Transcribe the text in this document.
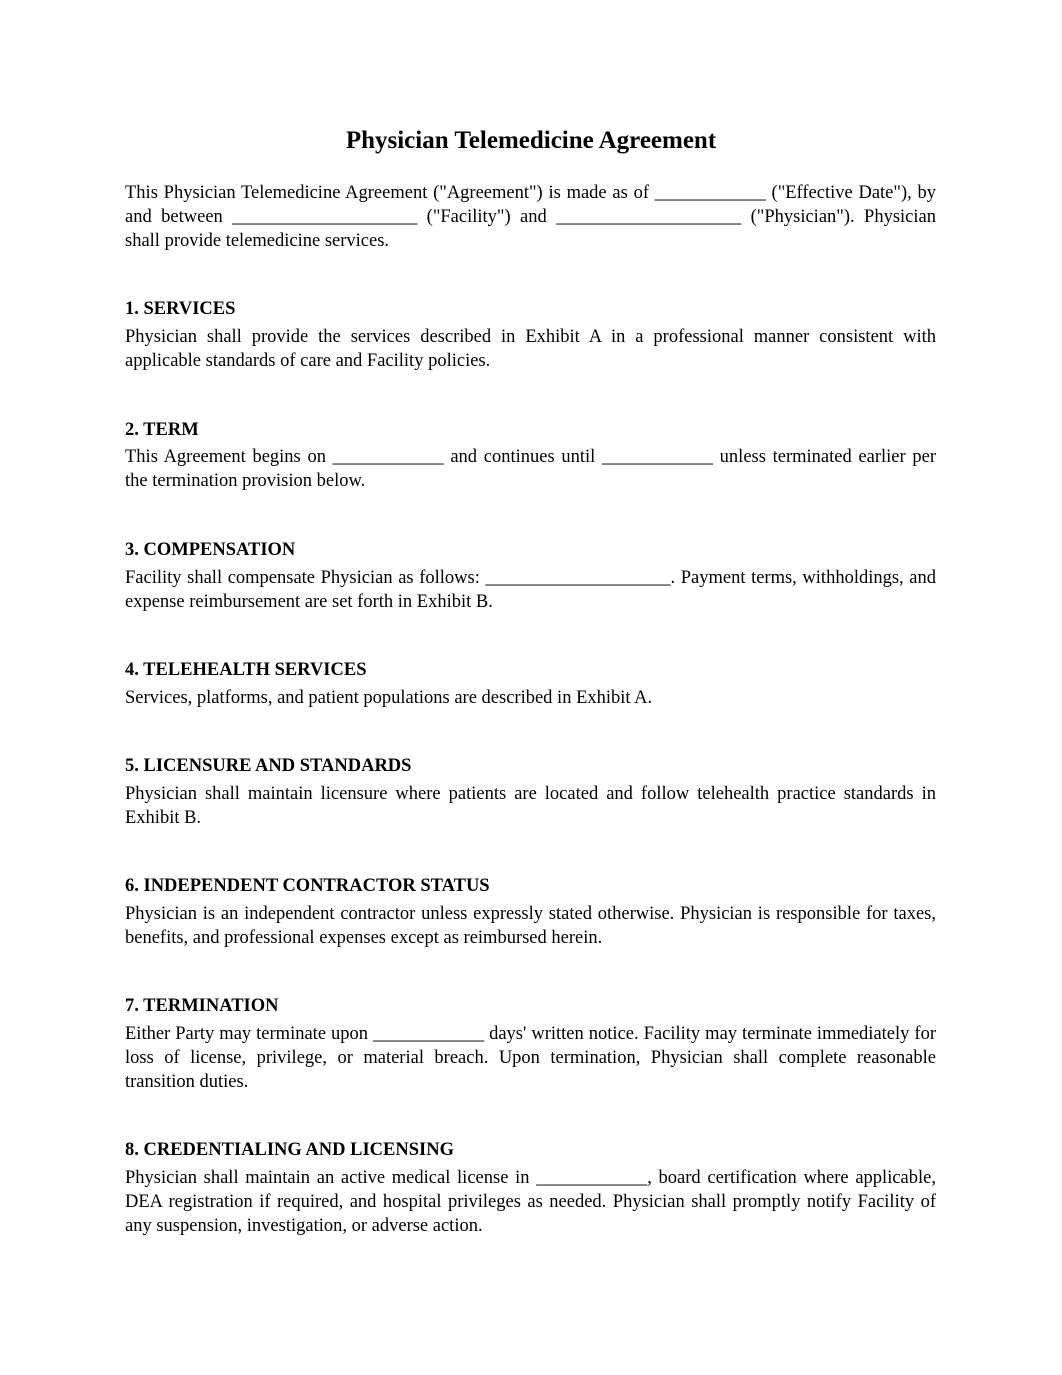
Physician Telemedicine Agreement
This Physician Telemedicine Agreement ("Agreement") is made as of ____________ ("Effective Date"), by and between ____________________ ("Facility") and ____________________ ("Physician"). Physician shall provide telemedicine services.
1. SERVICES
Physician shall provide the services described in Exhibit A in a professional manner consistent with applicable standards of care and Facility policies.
2. TERM
This Agreement begins on ____________ and continues until ____________ unless terminated earlier per the termination provision below.
3. COMPENSATION
Facility shall compensate Physician as follows: ____________________. Payment terms, withholdings, and expense reimbursement are set forth in Exhibit B.
4. TELEHEALTH SERVICES
Services, platforms, and patient populations are described in Exhibit A.
5. LICENSURE AND STANDARDS
Physician shall maintain licensure where patients are located and follow telehealth practice standards in Exhibit B.
6. INDEPENDENT CONTRACTOR STATUS
Physician is an independent contractor unless expressly stated otherwise. Physician is responsible for taxes, benefits, and professional expenses except as reimbursed herein.
7. TERMINATION
Either Party may terminate upon ____________ days' written notice. Facility may terminate immediately for loss of license, privilege, or material breach. Upon termination, Physician shall complete reasonable transition duties.
8. CREDENTIALING AND LICENSING
Physician shall maintain an active medical license in ____________, board certification where applicable, DEA registration if required, and hospital privileges as needed. Physician shall promptly notify Facility of any suspension, investigation, or adverse action.
